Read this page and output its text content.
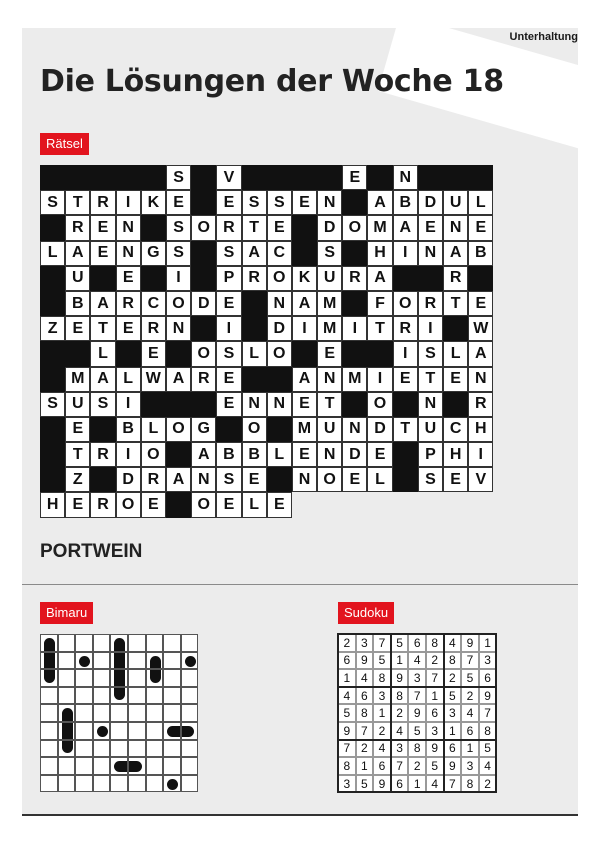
Unterhaltung
Die Lösungen der Woche 18
Rätsel
S	V	E	N
S T R	I	K E	E S S E N	A B D U L
R E N	S O R T E	D O M A E N E
L A E N G S	S A C	S	H	I	N A B
U	E	I	P R O K U R A	R
B A R C O D E	N A M	F O R T E
Z E T E R N	I	D	I	M	I	T R	I	W
L	E	O S L O	E	I	S L A
M A L W A R E	A N M	I	E T E N
S U S	I	E N N E T	O	N	R
E	B L O G	O	M U N D T U C H
T R	I	O	A B B L E N D E	P H	I
Z	D R A N S E	N O E L	S E V
H E R O E	O E L E
PORTWEIN
Bimaru	Sudoku
2 3 7 5 6 8 4 9 1
6 9 5 1 4 2 8 7 3
1 4 8 9 3 7 2 5 6
4 6 3 8 7 1 5 2 9
5 8 1 2 9 6 3 4 7
9 7 2 4 5 3 1 6 8
7 2 4 3 8 9 6 1 5
8 1 6 7 2 5 9 3 4
3 5 9 6 1 4 7 8 2
